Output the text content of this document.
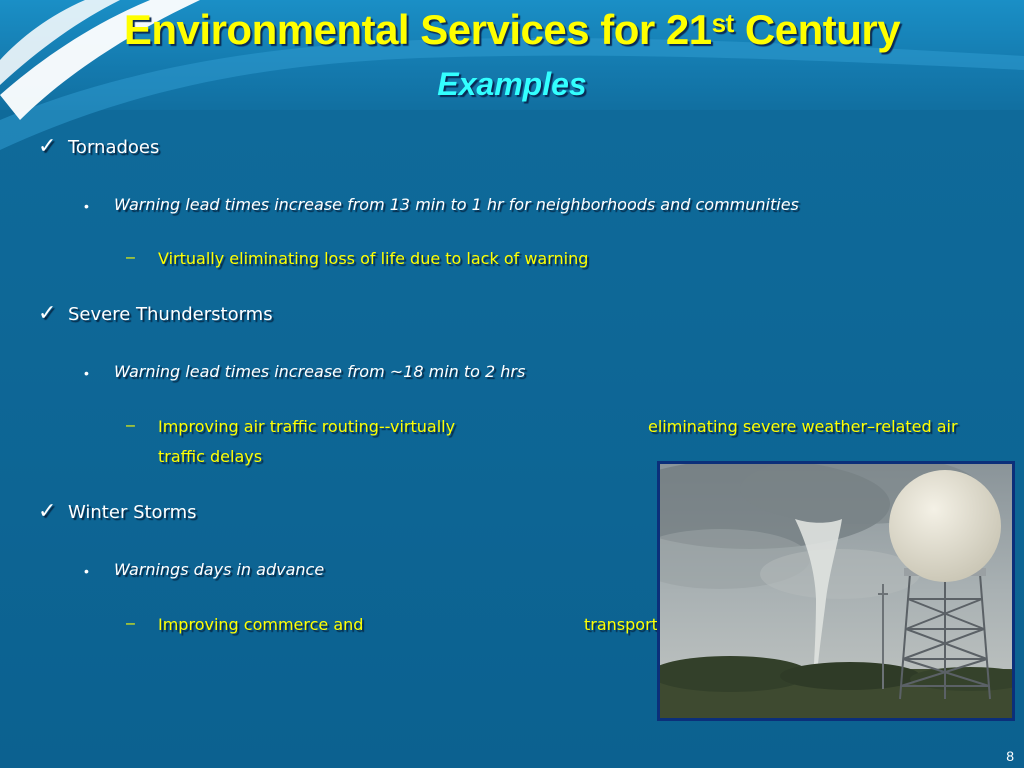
Environmental Services for 21st Century
Examples
✓ Tornadoes
• Warning lead times increase from 13 min to 1 hr for neighborhoods and communities
– Virtually eliminating loss of life due to lack of warning
✓ Severe Thunderstorms
• Warning lead times increase from ~18 min to 2 hrs
– Improving air traffic routing--virtually	eliminating severe weather–related air
traffic delays
✓ Winter Storms
• Warnings days in advance
– Improving commerce and	transport
8
